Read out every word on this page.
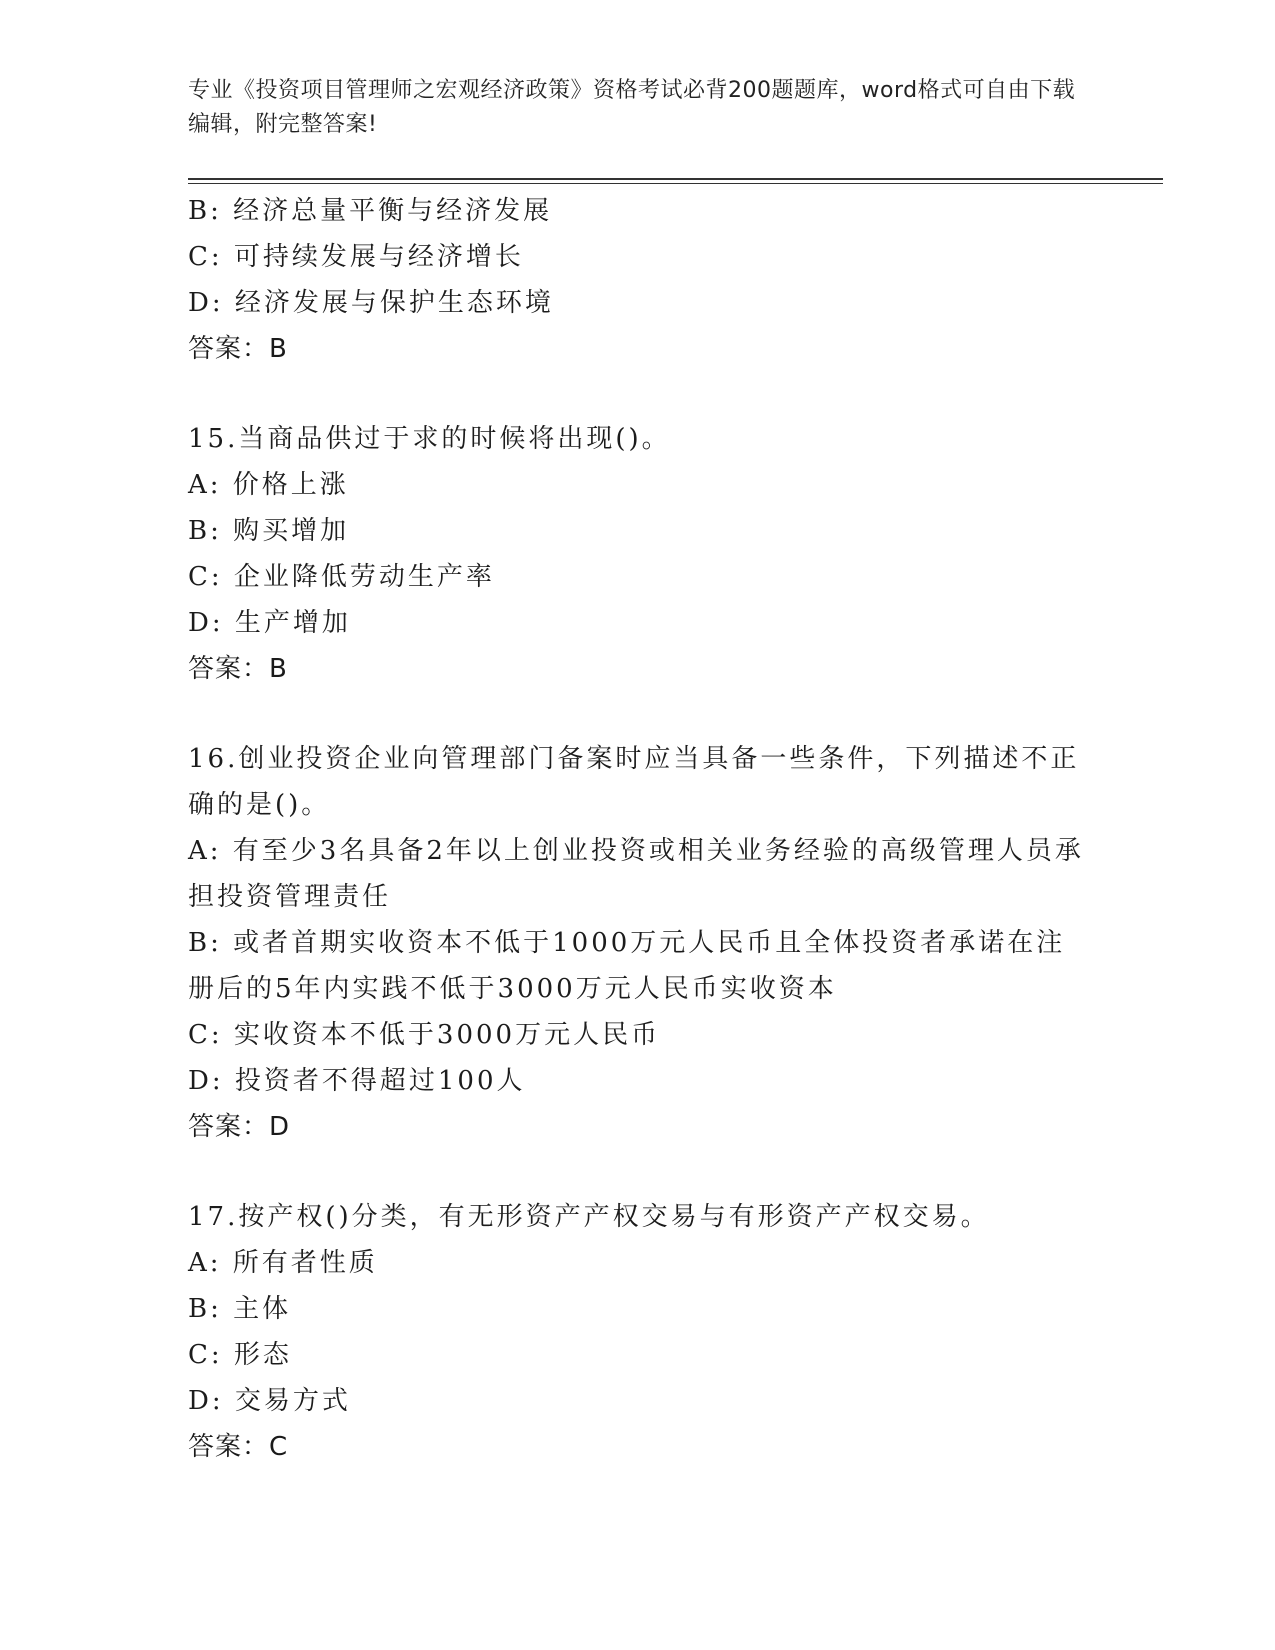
专业《投资项目管理师之宏观经济政策》资格考试必背200题题库，word格式可自由下载编辑，附完整答案!
B: 经济总量平衡与经济发展
C: 可持续发展与经济增长
D: 经济发展与保护生态环境
答案：B
15.当商品供过于求的时候将出现()。
A: 价格上涨
B: 购买增加
C: 企业降低劳动生产率
D: 生产增加
答案：B
16.创业投资企业向管理部门备案时应当具备一些条件，下列描述不正确的是()。
A: 有至少3名具备2年以上创业投资或相关业务经验的高级管理人员承担投资管理责任
B: 或者首期实收资本不低于1000万元人民币且全体投资者承诺在注册后的5年内实践不低于3000万元人民币实收资本
C: 实收资本不低于3000万元人民币
D: 投资者不得超过100人
答案：D
17.按产权()分类，有无形资产产权交易与有形资产产权交易。
A: 所有者性质
B: 主体
C: 形态
D: 交易方式
答案：C
